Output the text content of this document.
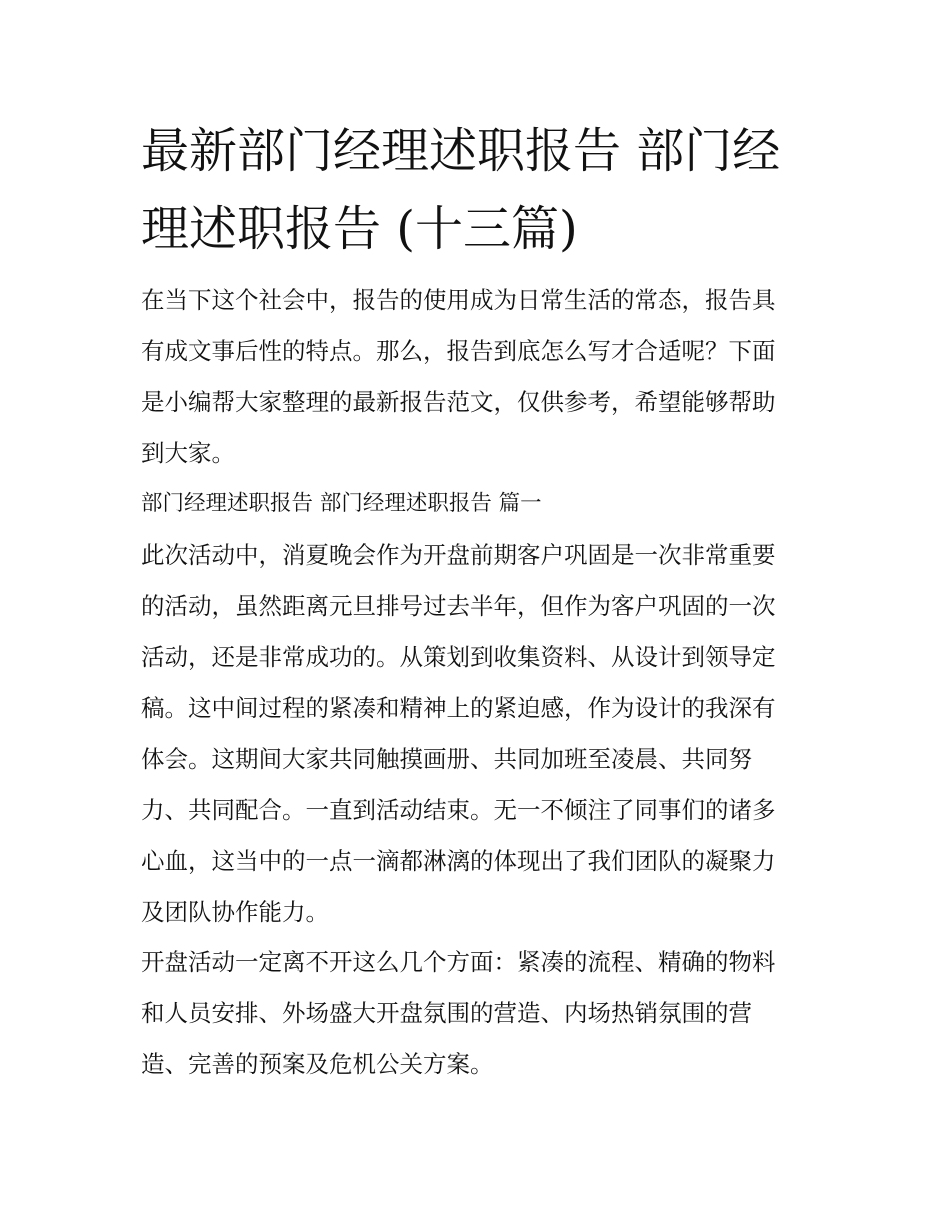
最新部门经理述职报告 部门经
理述职报告 (十三篇)

在当下这个社会中，报告的使用成为日常生活的常态，报告具

有成文事后性的特点。那么，报告到底怎么写才合适呢？下面

是小编帮大家整理的最新报告范文，仅供参考，希望能够帮助

到大家。

部门经理述职报告 部门经理述职报告 篇一

此次活动中，消夏晚会作为开盘前期客户巩固是一次非常重要

的活动，虽然距离元旦排号过去半年，但作为客户巩固的一次

活动，还是非常成功的。从策划到收集资料、从设计到领导定

稿。这中间过程的紧凑和精神上的紧迫感，作为设计的我深有

体会。这期间大家共同触摸画册、共同加班至凌晨、共同努

力、共同配合。一直到活动结束。无一不倾注了同事们的诸多

心血，这当中的一点一滴都淋漓的体现出了我们团队的凝聚力

及团队协作能力。

开盘活动一定离不开这么几个方面：紧凑的流程、精确的物料

和人员安排、外场盛大开盘氛围的营造、内场热销氛围的营

造、完善的预案及危机公关方案。
